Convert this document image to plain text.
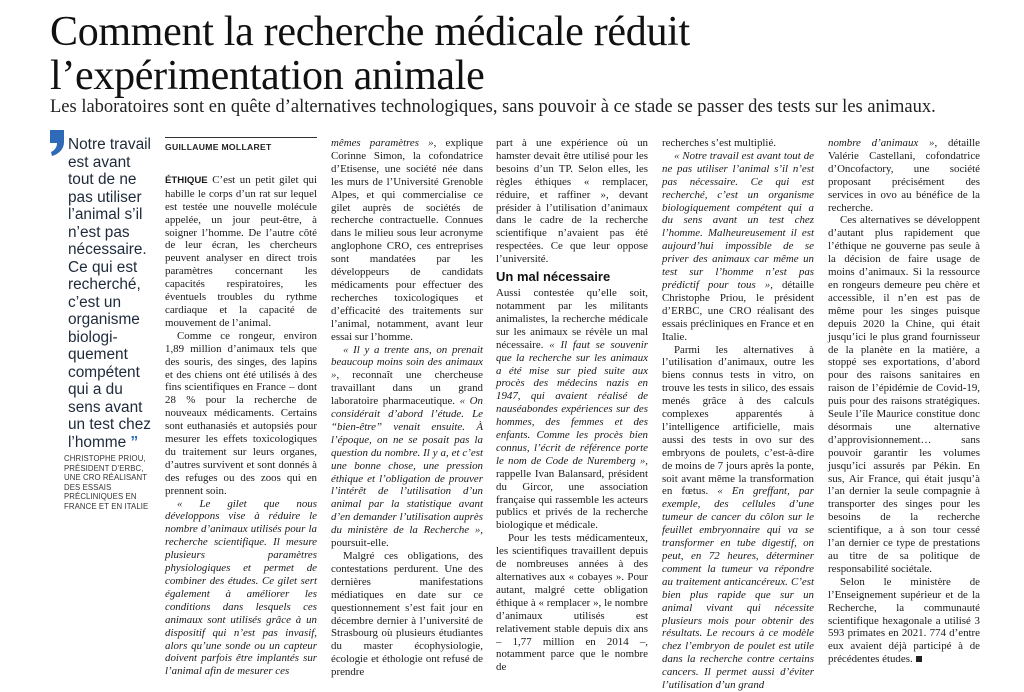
Comment la recherche médicale réduit
l’expérimentation animale

Les laboratoires sont en quête d’alternatives technologiques, sans pouvoir à ce stade se passer des tests sur les animaux.

Notre travail est avant tout de ne pas utiliser l’animal s’il n’est pas nécessaire. Ce qui est recherché, c’est un organisme biologiquement compétent qui a du sens avant un test chez l’homme ”

CHRISTOPHE PRIOU, PRÉSIDENT D’ERBC, UNE CRO RÉALISANT DES ESSAIS PRÉCLINIQUES EN FRANCE ET EN ITALIE

GUILLAUME MOLLARET

ÉTHIQUE C’est un petit gilet qui habille le corps d’un rat sur lequel est testée une nouvelle molécule appelée, un jour peut-être, à soigner l’homme. De l’autre côté de leur écran, les chercheurs peuvent analyser en direct trois paramètres concernant les capacités respiratoires, les éventuels troubles du rythme cardiaque et la capacité de mouvement de l’animal.

Comme ce rongeur, environ 1,89 million d’animaux tels que des souris, des singes, des lapins et des chiens ont été utilisés à des fins scientifiques en France – dont 28 % pour la recherche de nouveaux médicaments. Certains sont euthanasiés et autopsiés pour mesurer les effets toxicologiques du traitement sur leurs organes, d’autres survivent et sont donnés à des refuges ou des zoos qui en prennent soin.

« Le gilet que nous développons vise à réduire le nombre d’animaux utilisés pour la recherche scientifique. Il mesure plusieurs paramètres physiologiques et permet de combiner des études. Ce gilet sert également à améliorer les conditions dans lesquels ces animaux sont utilisés grâce à un dispositif qui n’est pas invasif, alors qu’une sonde ou un capteur doivent parfois être implantés sur l’animal afin de mesurer ces

mêmes paramètres », explique Corinne Simon, la cofondatrice d’Etisense, une société née dans les murs de l’Université Grenoble Alpes, et qui commercialise ce gilet auprès de sociétés de recherche contractuelle. Connues dans le milieu sous leur acronyme anglophone CRO, ces entreprises sont mandatées par les développeurs de candidats médicaments pour effectuer des recherches toxicologiques et d’efficacité des traitements sur l’animal, notamment, avant leur essai sur l’homme.

« Il y a trente ans, on prenait beaucoup moins soin des animaux », reconnaît une chercheuse travaillant dans un grand laboratoire pharmaceutique. « On considérait d’abord l’étude. Le “bien-être” venait ensuite. À l’époque, on ne se posait pas la question du nombre. Il y a, et c’est une bonne chose, une pression éthique et l’obligation de prouver l’intérêt de l’utilisation d’un animal par la statistique avant d’en demander l’utilisation auprès du ministère de la Recherche », poursuit-elle.

Malgré ces obligations, des contestations perdurent. Une des dernières manifestations médiatiques en date sur ce questionnement s’est fait jour en décembre dernier à l’université de Strasbourg où plusieurs étudiantes du master écophysiologie, écologie et éthologie ont refusé de prendre

part à une expérience où un hamster devait être utilisé pour les besoins d’un TP. Selon elles, les règles éthiques « remplacer, réduire, et raffiner », devant présider à l’utilisation d’animaux dans le cadre de la recherche scientifique n’avaient pas été respectées. Ce que leur oppose l’université.

Un mal nécessaire

Aussi contestée qu’elle soit, notamment par les militants animalistes, la recherche médicale sur les animaux se révèle un mal nécessaire. « Il faut se souvenir que la recherche sur les animaux a été mise sur pied suite aux procès des médecins nazis en 1947, qui avaient réalisé de nauséabondes expériences sur des hommes, des femmes et des enfants. Comme les procès bien connus, l’écrit de référence porte le nom de Code de Nuremberg », rappelle Ivan Balansard, président du Gircor, une association française qui rassemble les acteurs publics et privés de la recherche biologique et médicale.

Pour les tests médicamenteux, les scientifiques travaillent depuis de nombreuses années à des alternatives aux « cobayes ». Pour autant, malgré cette obligation éthique à « remplacer », le nombre d’animaux utilisés est relativement stable depuis dix ans – 1,77 million en 2014 –, notamment parce que le nombre de

recherches s’est multiplié.

« Notre travail est avant tout de ne pas utiliser l’animal s’il n’est pas nécessaire. Ce qui est recherché, c’est un organisme biologiquement compétent qui a du sens avant un test chez l’homme. Malheureusement il est aujourd’hui impossible de se priver des animaux car même un test sur l’homme n’est pas prédictif pour tous », détaille Christophe Priou, le président d’ERBC, une CRO réalisant des essais précliniques en France et en Italie.

Parmi les alternatives à l’utilisation d’animaux, outre les biens connus tests in vitro, on trouve les tests in silico, des essais menés grâce à des calculs complexes apparentés à l’intelligence artificielle, mais aussi des tests in ovo sur des embryons de poulets, c’est-à-dire de moins de 7 jours après la ponte, soit avant même la transformation en fœtus. « En greffant, par exemple, des cellules d’une tumeur de cancer du côlon sur le feuillet embryonnaire qui va se transformer en tube digestif, on peut, en 72 heures, déterminer comment la tumeur va répondre au traitement anticancéreux. C’est bien plus rapide que sur un animal vivant qui nécessite plusieurs mois pour obtenir des résultats. Le recours à ce modèle chez l’embryon de poulet est utile dans la recherche contre certains cancers. Il permet aussi d’éviter l’utilisation d’un grand

nombre d’animaux », détaille Valérie Castellani, cofondatrice d’Oncofactory, une société proposant précisément des services in ovo au bénéfice de la recherche.

Ces alternatives se développent d’autant plus rapidement que l’éthique ne gouverne pas seule à la décision de faire usage de moins d’animaux. Si la ressource en rongeurs demeure peu chère et accessible, il n’en est pas de même pour les singes puisque depuis 2020 la Chine, qui était jusqu’ici le plus grand fournisseur de la planète en la matière, a stoppé ses exportations, d’abord pour des raisons sanitaires en raison de l’épidémie de Covid-19, puis pour des raisons stratégiques. Seule l’île Maurice constitue donc désormais une alternative d’approvisionnement… sans pouvoir garantir les volumes jusqu’ici assurés par Pékin. En sus, Air France, qui était jusqu’à l’an dernier la seule compagnie à transporter des singes pour les besoins de la recherche scientifique, a à son tour cessé l’an dernier ce type de prestations au titre de sa politique de responsabilité sociétale.

Selon le ministère de l’Enseignement supérieur et de la Recherche, la communauté scientifique hexagonale a utilisé 3 593 primates en 2021. 774 d’entre eux avaient déjà participé à de précédentes études.
